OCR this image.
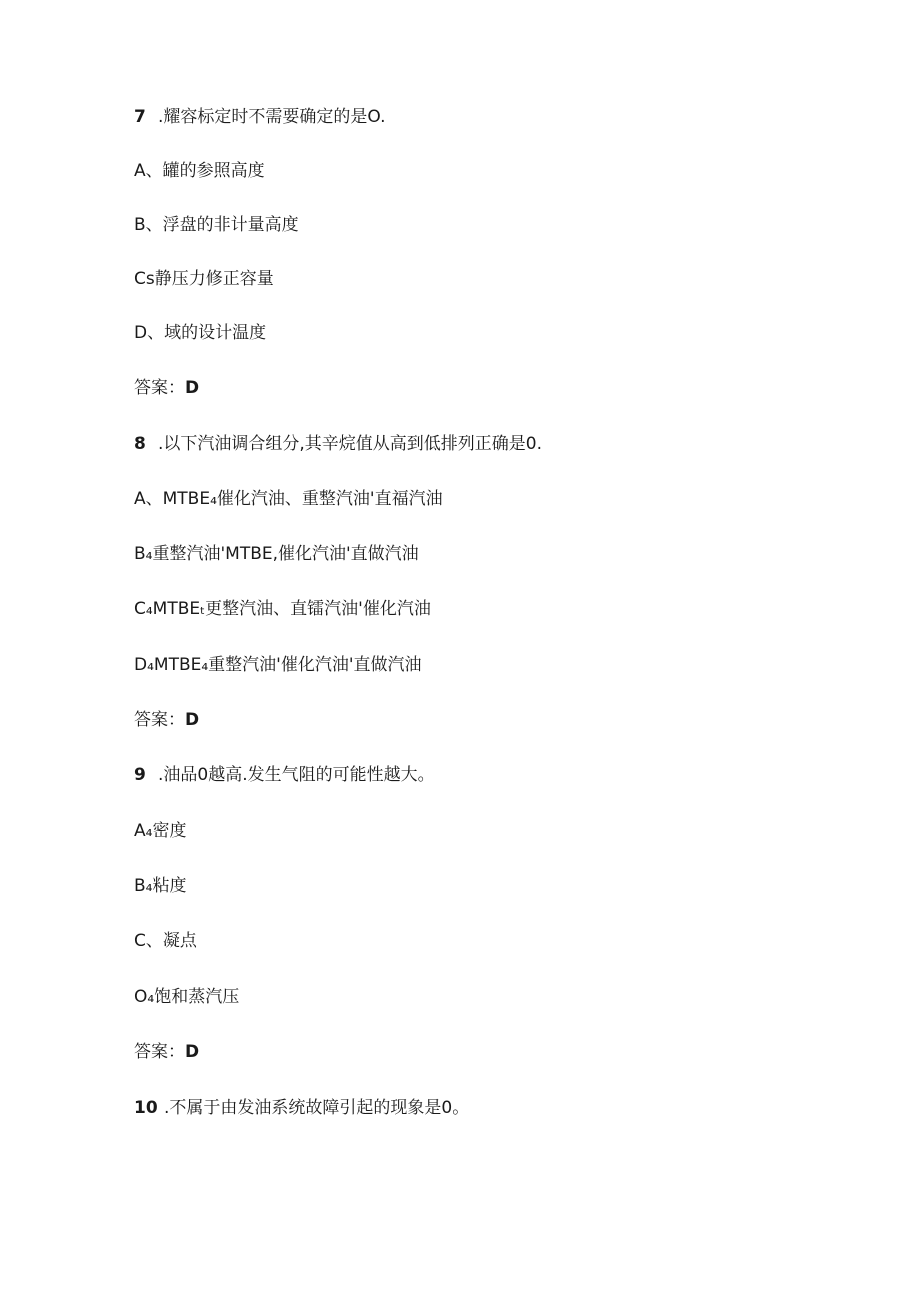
7 .耀容标定时不需要确定的是O.
A、罐的参照高度
B、浮盘的非计量高度
Cs静压力修正容量
D、域的设计温度
答案：D
8 .以下汽油调合组分,其辛烷值从高到低排列正确是0.
A、MTBE₄催化汽油、重整汽油'直福汽油
B₄重整汽油'MTBE,催化汽油'直做汽油
C₄MTBEₜ更整汽油、直镭汽油'催化汽油
D₄MTBE₄重整汽油'催化汽油'直做汽油
答案：D
9 .油品0越高.发生气阻的可能性越大。
A₄密度
B₄粘度
C、凝点
O₄饱和蒸汽压
答案：D
10 .不属于由发油系统故障引起的现象是0。
